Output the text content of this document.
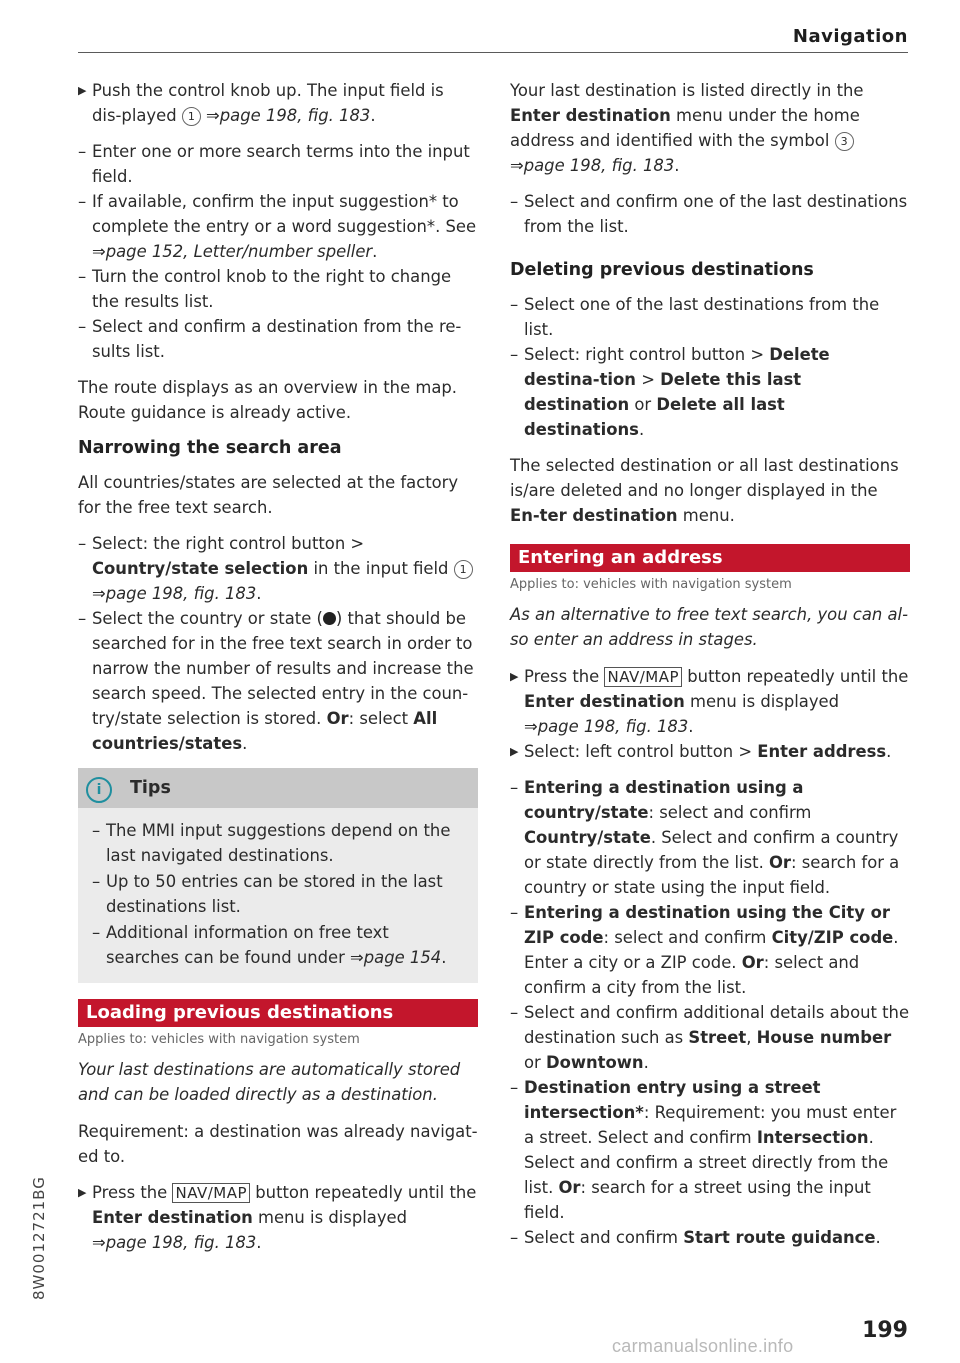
Navigation
▶ Push the control knob up. The input field is dis-played 1 ⇒page 198, fig. 183.
– Enter one or more search terms into the input field.
– If available, confirm the input suggestion* to complete the entry or a word suggestion*. See ⇒page 152, Letter/number speller.
– Turn the control knob to the right to change the results list.
– Select and confirm a destination from the re-sults list.

The route displays as an overview in the map. Route guidance is already active.

Narrowing the search area

All countries/states are selected at the factory for the free text search.

– Select: the right control button > Country/state selection in the input field 1 ⇒page 198, fig. 183.
– Select the country or state ( ) that should be searched for in the free text search in order to narrow the number of results and increase the search speed. The selected entry in the coun-try/state selection is stored. Or: select All countries/states.
i	Tips
– The MMI input suggestions depend on the last navigated destinations.
– Up to 50 entries can be stored in the last destinations list.
– Additional information on free text searches can be found under ⇒page 154.
Loading previous destinations
Applies to: vehicles with navigation system

Your last destinations are automatically stored and can be loaded directly as a destination.

Requirement: a destination was already navigat-ed to.

▶ Press the NAV/MAP button repeatedly until the Enter destination menu is displayed
⇒page 198, fig. 183.

Your last destination is listed directly in the Enter destination menu under the home address and identified with the symbol 3 ⇒page 198, fig. 183.

– Select and confirm one of the last destinations from the list.
Deleting previous destinations
– Select one of the last destinations from the list.
– Select: right control button > Delete destina-tion > Delete this last destination or Delete all last destinations.

The selected destination or all last destinations is/are deleted and no longer displayed in the En-ter destination menu.

Entering an address
Applies to: vehicles with navigation system

As an alternative to free text search, you can al-so enter an address in stages.

▶ Press the NAV/MAP button repeatedly until the Enter destination menu is displayed
⇒page 198, fig. 183.
▶ Select: left control button > Enter address.
– Entering a destination using a country/state: select and confirm Country/state. Select and confirm a country or state directly from the list. Or: search for a country or state using the input field.
– Entering a destination using the City or ZIP code: select and confirm City/ZIP code. Enter a city or a ZIP code. Or: select and confirm a city from the list.
– Select and confirm additional details about the destination such as Street, House number or Downtown.
– Destination entry using a street intersection*: Requirement: you must enter a street. Select and confirm Intersection. Select and confirm a street directly from the list. Or: search for a street using the input field.
– Select and confirm Start route guidance.
8W0012721BG
199
carmanualsonline.info
